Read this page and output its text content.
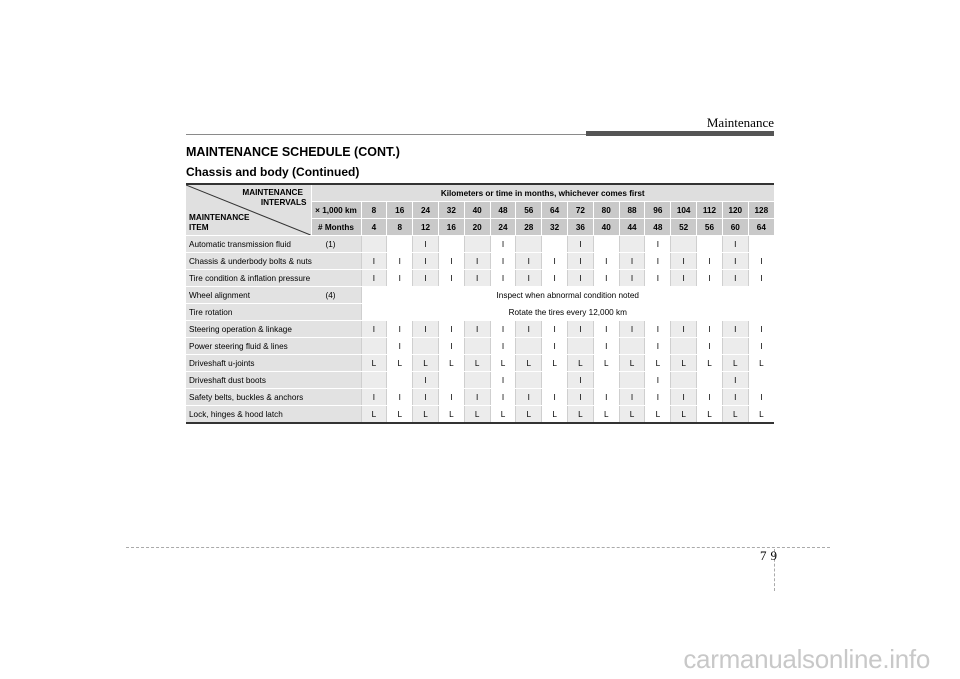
Maintenance
MAINTENANCE SCHEDULE (CONT.)
Chassis and body (Continued)
MAINTENANCE
INTERVALS
MAINTENANCE
ITEM	Kilometers or time in months, whichever comes first																
	× 1,000 km	8	16	24	32	40	48	56	64	72	80	88	96	104	112	120	128
	# Months	4	8	12	16	20	24	28	32	36	40	44	48	52	56	60	64
Automatic transmission fluid (1)				I			I			I			I			I	
Chassis & underbody bolts & nuts		I	I	I	I	I	I	I	I	I	I	I	I	I	I	I	I
Tire condition & inflation pressure		I	I	I	I	I	I	I	I	I	I	I	I	I	I	I	I
Wheel alignment (4)		Inspect when abnormal condition noted															
Tire rotation		Rotate the tires every 12,000 km															
Steering operation & linkage		I	I	I	I	I	I	I	I	I	I	I	I	I	I	I	I
Power steering fluid & lines			I		I		I		I		I		I		I		I
Driveshaft u-joints		L	L	L	L	L	L	L	L	L	L	L	L	L	L	L	L
Driveshaft dust boots				I			I			I			I			I	
Safety belts, buckles & anchors		I	I	I	I	I	I	I	I	I	I	I	I	I	I	I	I
Lock, hinges & hood latch		L	L	L	L	L	L	L	L	L	L	L	L	L	L	L	L
7 9
carmanualsonline.info
